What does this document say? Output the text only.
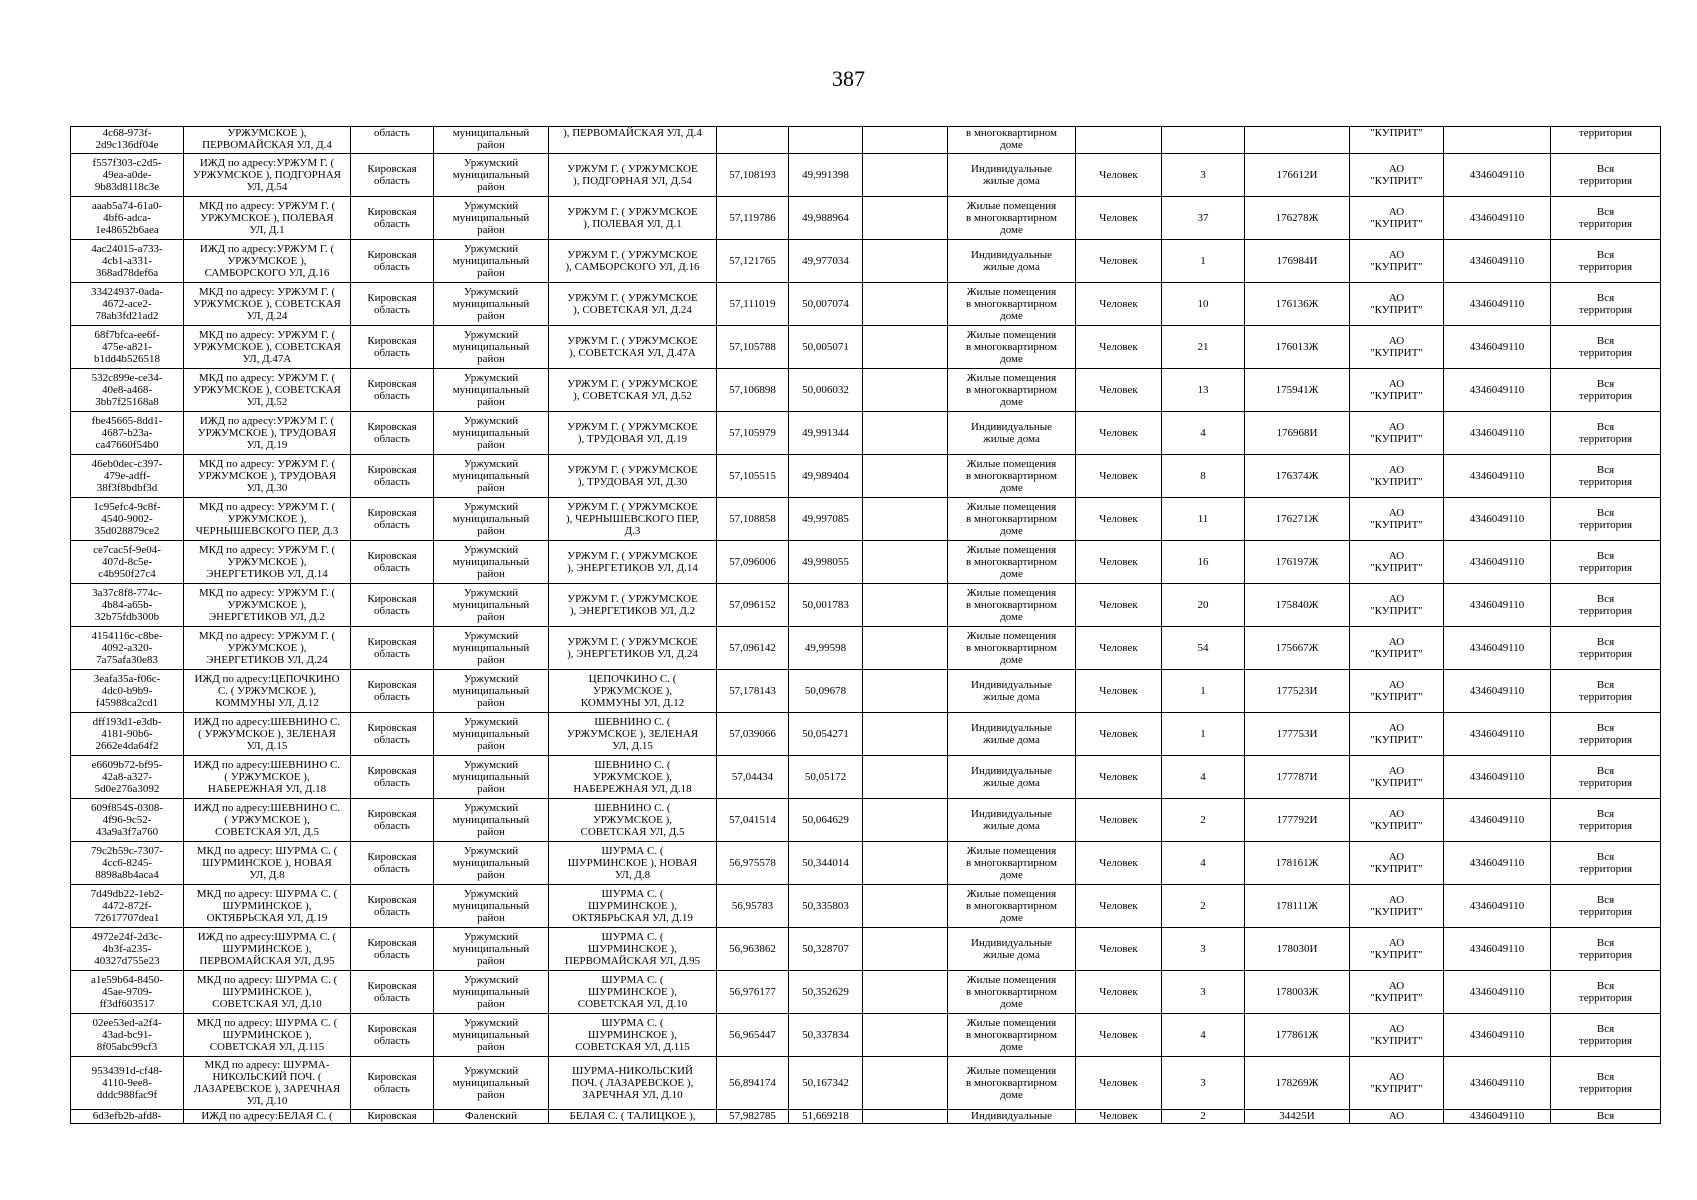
387
4c68-973f-
2d9c136df04e	УРЖУМСКОЕ ),
ПЕРВОМАЙСКАЯ УЛ, Д.4	область	муниципальный
район	), ПЕРВОМАЙСКАЯ УЛ, Д.4				в многоквартирном
доме				"КУПРИТ"		территория
f557f303-c2d5-
49ea-a0de-
9b83d8118c3e	ИЖД по адресу:УРЖУМ Г. (
УРЖУМСКОЕ ), ПОДГОРНАЯ
УЛ, Д.54	Кировская
область	Уржумский
муниципальный
район	УРЖУМ Г. ( УРЖУМСКОЕ
), ПОДГОРНАЯ УЛ, Д.54	57,108193	49,991398		Индивидуальные
жилые дома	Человек	3	176612И	АО
"КУПРИТ"	4346049110	Вся
территория
aaab5a74-61a0-
4bf6-adca-
1e48652b6aea	МКД по адресу: УРЖУМ Г. (
УРЖУМСКОЕ ), ПОЛЕВАЯ
УЛ, Д.1	Кировская
область	Уржумский
муниципальный
район	УРЖУМ Г. ( УРЖУМСКОЕ
), ПОЛЕВАЯ УЛ, Д.1	57,119786	49,988964		Жилые помещения
в многоквартирном
доме	Человек	37	176278Ж	АО
"КУПРИТ"	4346049110	Вся
территория
4ac24015-a733-
4cb1-a331-
368ad78def6a	ИЖД по адресу:УРЖУМ Г. (
УРЖУМСКОЕ ),
САМБОРСКОГО УЛ, Д.16	Кировская
область	Уржумский
муниципальный
район	УРЖУМ Г. ( УРЖУМСКОЕ
), САМБОРСКОГО УЛ, Д.16	57,121765	49,977034		Индивидуальные
жилые дома	Человек	1	176984И	АО
"КУПРИТ"	4346049110	Вся
территория
33424937-0ada-
4672-ace2-
78ab3fd21ad2	МКД по адресу: УРЖУМ Г. (
УРЖУМСКОЕ ), СОВЕТСКАЯ
УЛ, Д.24	Кировская
область	Уржумский
муниципальный
район	УРЖУМ Г. ( УРЖУМСКОЕ
), СОВЕТСКАЯ УЛ, Д.24	57,111019	50,007074		Жилые помещения
в многоквартирном
доме	Человек	10	176136Ж	АО
"КУПРИТ"	4346049110	Вся
территория
68f7bfca-ee6f-
475e-a821-
b1dd4b526518	МКД по адресу: УРЖУМ Г. (
УРЖУМСКОЕ ), СОВЕТСКАЯ
УЛ, Д.47А	Кировская
область	Уржумский
муниципальный
район	УРЖУМ Г. ( УРЖУМСКОЕ
), СОВЕТСКАЯ УЛ, Д.47А	57,105788	50,005071		Жилые помещения
в многоквартирном
доме	Человек	21	176013Ж	АО
"КУПРИТ"	4346049110	Вся
территория
532c899e-ce34-
40e8-a468-
3bb7f25168a8	МКД по адресу: УРЖУМ Г. (
УРЖУМСКОЕ ), СОВЕТСКАЯ
УЛ, Д.52	Кировская
область	Уржумский
муниципальный
район	УРЖУМ Г. ( УРЖУМСКОЕ
), СОВЕТСКАЯ УЛ, Д.52	57,106898	50,006032		Жилые помещения
в многоквартирном
доме	Человек	13	175941Ж	АО
"КУПРИТ"	4346049110	Вся
территория
fbe45665-8dd1-
4687-b23a-
ca47660f54b0	ИЖД по адресу:УРЖУМ Г. (
УРЖУМСКОЕ ), ТРУДОВАЯ
УЛ, Д.19	Кировская
область	Уржумский
муниципальный
район	УРЖУМ Г. ( УРЖУМСКОЕ
), ТРУДОВАЯ УЛ, Д.19	57,105979	49,991344		Индивидуальные
жилые дома	Человек	4	176968И	АО
"КУПРИТ"	4346049110	Вся
территория
46eb0dec-c397-
479e-adff-
38f3f8bdbf3d	МКД по адресу: УРЖУМ Г. (
УРЖУМСКОЕ ), ТРУДОВАЯ
УЛ, Д.30	Кировская
область	Уржумский
муниципальный
район	УРЖУМ Г. ( УРЖУМСКОЕ
), ТРУДОВАЯ УЛ, Д.30	57,105515	49,989404		Жилые помещения
в многоквартирном
доме	Человек	8	176374Ж	АО
"КУПРИТ"	4346049110	Вся
территория
1c95efc4-9c8f-
4540-9002-
35d028879ce2	МКД по адресу: УРЖУМ Г. (
УРЖУМСКОЕ ),
ЧЕРНЫШЕВСКОГО ПЕР, Д.3	Кировская
область	Уржумский
муниципальный
район	УРЖУМ Г. ( УРЖУМСКОЕ
), ЧЕРНЫШЕВСКОГО ПЕР,
Д.3	57,108858	49,997085		Жилые помещения
в многоквартирном
доме	Человек	11	176271Ж	АО
"КУПРИТ"	4346049110	Вся
территория
ce7cac5f-9e04-
407d-8c5e-
c4b950f27c4	МКД по адресу: УРЖУМ Г. (
УРЖУМСКОЕ ),
ЭНЕРГЕТИКОВ УЛ, Д.14	Кировская
область	Уржумский
муниципальный
район	УРЖУМ Г. ( УРЖУМСКОЕ
), ЭНЕРГЕТИКОВ УЛ, Д.14	57,096006	49,998055		Жилые помещения
в многоквартирном
доме	Человек	16	176197Ж	АО
"КУПРИТ"	4346049110	Вся
территория
3a37c8f8-774c-
4b84-a65b-
32b75fdb300b	МКД по адресу: УРЖУМ Г. (
УРЖУМСКОЕ ),
ЭНЕРГЕТИКОВ УЛ, Д.2	Кировская
область	Уржумский
муниципальный
район	УРЖУМ Г. ( УРЖУМСКОЕ
), ЭНЕРГЕТИКОВ УЛ, Д.2	57,096152	50,001783		Жилые помещения
в многоквартирном
доме	Человек	20	175840Ж	АО
"КУПРИТ"	4346049110	Вся
территория
4154116c-c8be-
4092-a320-
7a75afa30e83	МКД по адресу: УРЖУМ Г. (
УРЖУМСКОЕ ),
ЭНЕРГЕТИКОВ УЛ, Д.24	Кировская
область	Уржумский
муниципальный
район	УРЖУМ Г. ( УРЖУМСКОЕ
), ЭНЕРГЕТИКОВ УЛ, Д.24	57,096142	49,99598		Жилые помещения
в многоквартирном
доме	Человек	54	175667Ж	АО
"КУПРИТ"	4346049110	Вся
территория
3eafa35a-f06c-
4dc0-b9b9-
f45988ca2cd1	ИЖД по адресу:ЦЕПОЧКИНО
С. ( УРЖУМСКОЕ ),
КОММУНЫ УЛ, Д.12	Кировская
область	Уржумский
муниципальный
район	ЦЕПОЧКИНО С. (
УРЖУМСКОЕ ),
КОММУНЫ УЛ, Д.12	57,178143	50,09678		Индивидуальные
жилые дома	Человек	1	177523И	АО
"КУПРИТ"	4346049110	Вся
территория
dff193d1-e3db-
4181-90b6-
2662e4da64f2	ИЖД по адресу:ШЕВНИНО С.
( УРЖУМСКОЕ ), ЗЕЛЕНАЯ
УЛ, Д.15	Кировская
область	Уржумский
муниципальный
район	ШЕВНИНО С. (
УРЖУМСКОЕ ), ЗЕЛЕНАЯ
УЛ, Д.15	57,039066	50,054271		Индивидуальные
жилые дома	Человек	1	177753И	АО
"КУПРИТ"	4346049110	Вся
территория
e6609b72-bf95-
42a8-a327-
5d0e276a3092	ИЖД по адресу:ШЕВНИНО С.
( УРЖУМСКОЕ ),
НАБЕРЕЖНАЯ УЛ, Д.18	Кировская
область	Уржумский
муниципальный
район	ШЕВНИНО С. (
УРЖУМСКОЕ ),
НАБЕРЕЖНАЯ УЛ, Д.18	57,04434	50,05172		Индивидуальные
жилые дома	Человек	4	177787И	АО
"КУПРИТ"	4346049110	Вся
территория
609f854S-0308-
4f96-9c52-
43a9a3f7a760	ИЖД по адресу:ШЕВНИНО С.
( УРЖУМСКОЕ ),
СОВЕТСКАЯ УЛ, Д.5	Кировская
область	Уржумский
муниципальный
район	ШЕВНИНО С. (
УРЖУМСКОЕ ),
СОВЕТСКАЯ УЛ, Д.5	57,041514	50,064629		Индивидуальные
жилые дома	Человек	2	177792И	АО
"КУПРИТ"	4346049110	Вся
территория
79c2b59c-7307-
4cc6-8245-
8898a8b4aca4	МКД по адресу: ШУРМА С. (
ШУРМИНСКОЕ ), НОВАЯ
УЛ, Д.8	Кировская
область	Уржумский
муниципальный
район	ШУРМА С. (
ШУРМИНСКОЕ ), НОВАЯ
УЛ, Д.8	56,975578	50,344014		Жилые помещения
в многоквартирном
доме	Человек	4	178161Ж	АО
"КУПРИТ"	4346049110	Вся
территория
7d49db22-1eb2-
4472-872f-
72617707dea1	МКД по адресу: ШУРМА С. (
ШУРМИНСКОЕ ),
ОКТЯБРЬСКАЯ УЛ, Д.19	Кировская
область	Уржумский
муниципальный
район	ШУРМА С. (
ШУРМИНСКОЕ ),
ОКТЯБРЬСКАЯ УЛ, Д.19	56,95783	50,335803		Жилые помещения
в многоквартирном
доме	Человек	2	178111Ж	АО
"КУПРИТ"	4346049110	Вся
территория
4972e24f-2d3c-
4b3f-a235-
40327d755e23	ИЖД по адресу:ШУРМА С. (
ШУРМИНСКОЕ ),
ПЕРВОМАЙСКАЯ УЛ, Д.95	Кировская
область	Уржумский
муниципальный
район	ШУРМА С. (
ШУРМИНСКОЕ ),
ПЕРВОМАЙСКАЯ УЛ, Д.95	56,963862	50,328707		Индивидуальные
жилые дома	Человек	3	178030И	АО
"КУПРИТ"	4346049110	Вся
территория
a1e59b64-8450-
45ae-9709-
ff3df603517	МКД по адресу: ШУРМА С. (
ШУРМИНСКОЕ ),
СОВЕТСКАЯ УЛ, Д.10	Кировская
область	Уржумский
муниципальный
район	ШУРМА С. (
ШУРМИНСКОЕ ),
СОВЕТСКАЯ УЛ, Д.10	56,976177	50,352629		Жилые помещения
в многоквартирном
доме	Человек	3	178003Ж	АО
"КУПРИТ"	4346049110	Вся
территория
02ee53ed-a2f4-
43ad-bc91-
8f05abc99cf3	МКД по адресу: ШУРМА С. (
ШУРМИНСКОЕ ),
СОВЕТСКАЯ УЛ, Д.115	Кировская
область	Уржумский
муниципальный
район	ШУРМА С. (
ШУРМИНСКОЕ ),
СОВЕТСКАЯ УЛ, Д.115	56,965447	50,337834		Жилые помещения
в многоквартирном
доме	Человек	4	177861Ж	АО
"КУПРИТ"	4346049110	Вся
территория
9534391d-cf48-
4110-9ee8-
dddc988fac9f	МКД по адресу: ШУРМА-
НИКОЛЬСКИЙ ПОЧ. (
ЛАЗАРЕВСКОЕ ), ЗАРЕЧНАЯ
УЛ, Д.10	Кировская
область	Уржумский
муниципальный
район	ШУРМА-НИКОЛЬСКИЙ
ПОЧ. ( ЛАЗАРЕВСКОЕ ),
ЗАРЕЧНАЯ УЛ, Д.10	56,894174	50,167342		Жилые помещения
в многоквартирном
доме	Человек	3	178269Ж	АО
"КУПРИТ"	4346049110	Вся
территория
6d3efb2b-afd8-	ИЖД по адресу:БЕЛАЯ С. (	Кировская	Фаленский	БЕЛАЯ С. ( ТАЛИЦКОЕ ),	57,982785	51,669218		Индивидуальные	Человек	2	34425И	АО	4346049110	Вся
